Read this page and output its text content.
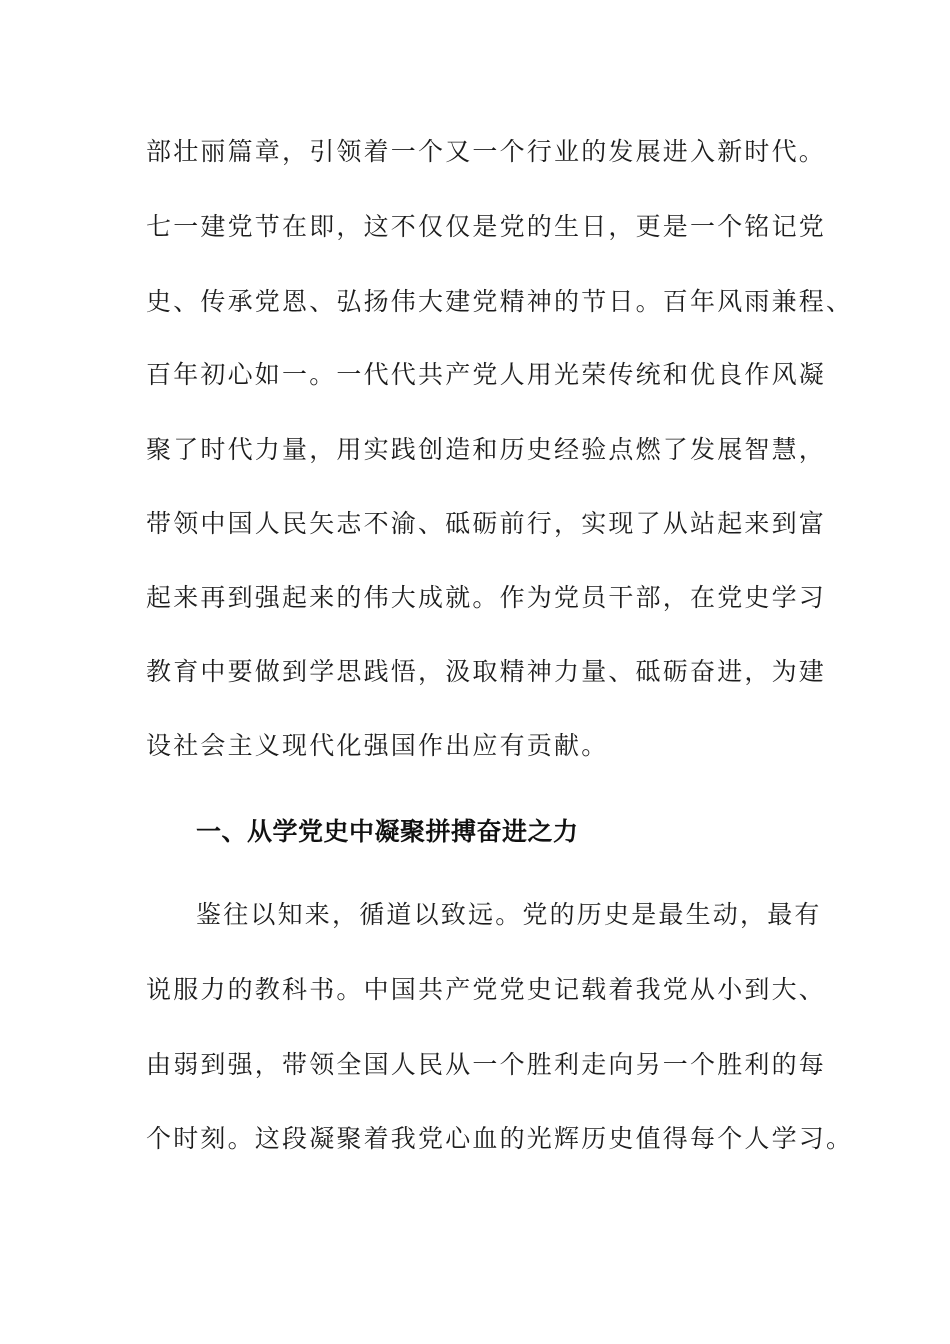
部壮丽篇章，引领着一个又一个行业的发展进入新时代。

七一建党节在即，这不仅仅是党的生日，更是一个铭记党

史、传承党恩、弘扬伟大建党精神的节日。百年风雨兼程、

百年初心如一。一代代共产党人用光荣传统和优良作风凝

聚了时代力量，用实践创造和历史经验点燃了发展智慧，

带领中国人民矢志不渝、砥砺前行，实现了从站起来到富

起来再到强起来的伟大成就。作为党员干部，在党史学习

教育中要做到学思践悟，汲取精神力量、砥砺奋进，为建

设社会主义现代化强国作出应有贡献。

一、从学党史中凝聚拼搏奋进之力

鉴往以知来，循道以致远。党的历史是最生动，最有

说服力的教科书。中国共产党党史记载着我党从小到大、

由弱到强，带领全国人民从一个胜利走向另一个胜利的每

个时刻。这段凝聚着我党心血的光辉历史值得每个人学习。
